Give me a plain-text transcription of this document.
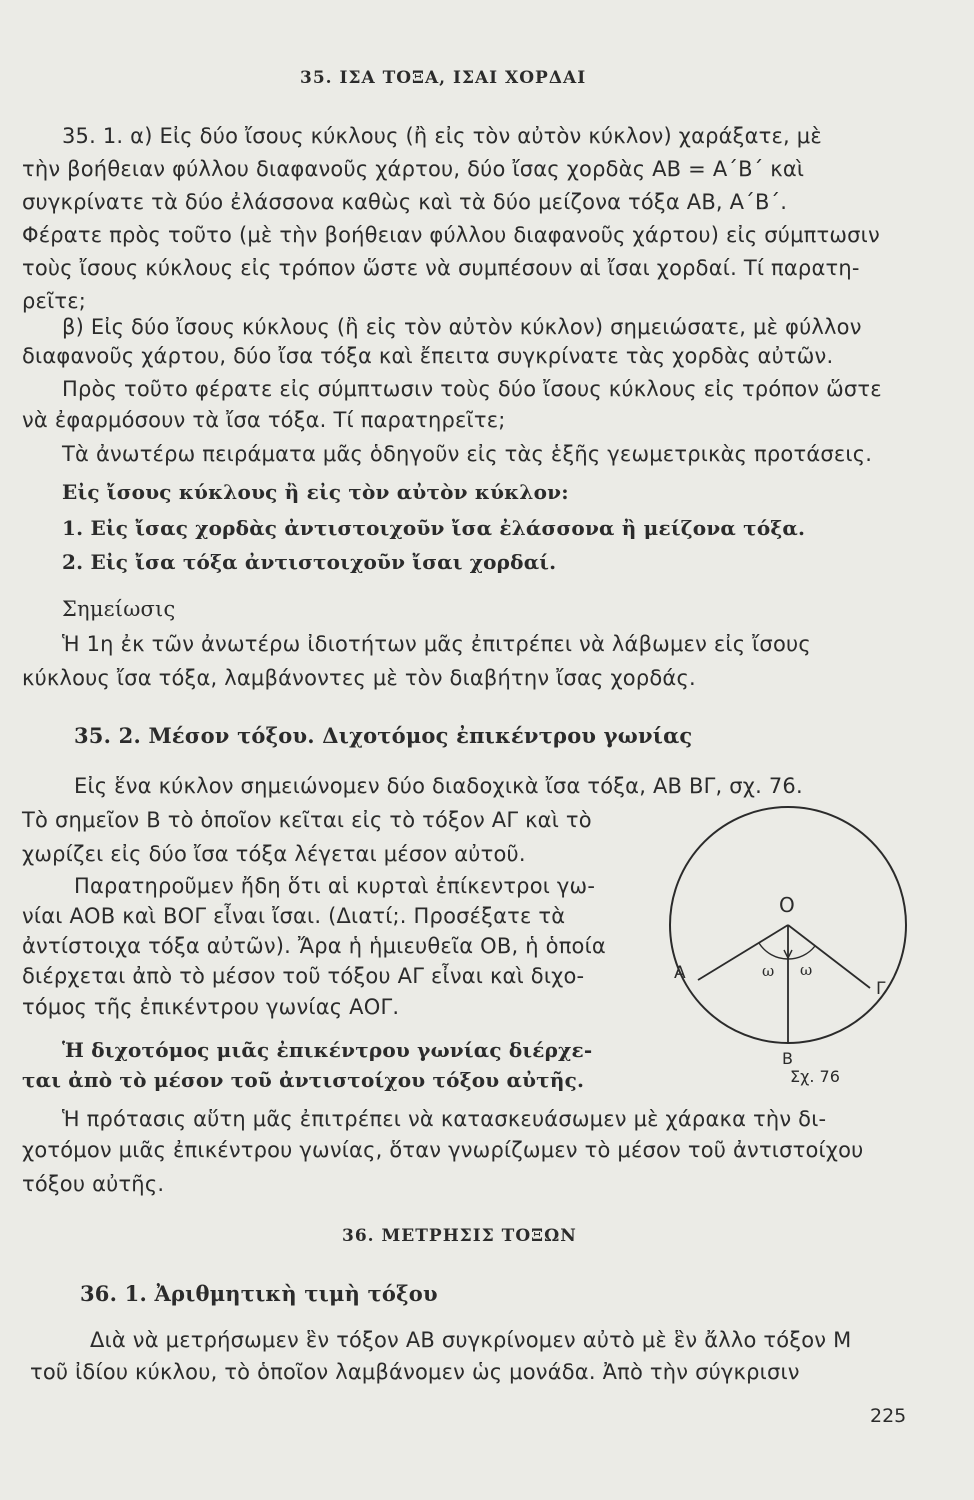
35. ΙΣΑ ΤΟΞΑ, ΙΣΑΙ ΧΟΡΔΑΙ
35. 1. α) Εἰς δύο ἴσους κύκλους (ἢ εἰς τὸν αὐτὸν κύκλον) χαράξατε, μὲ
τὴν βοήθειαν φύλλου διαφανοῦς χάρτου, δύο ἴσας χορδὰς ΑΒ = Α΄Β΄ καὶ
συγκρίνατε τὰ δύο ἐλάσσονα καθὼς καὶ τὰ δύο μείζονα τόξα ΑΒ, Α΄Β΄.
Φέρατε πρὸς τοῦτο (μὲ τὴν βοήθειαν φύλλου διαφανοῦς χάρτου) εἰς σύμπτωσιν
τοὺς ἴσους κύκλους εἰς τρόπον ὥστε νὰ συμπέσουν αἱ ἴσαι χορδαί. Τί παρατη-
ρεῖτε;
β) Εἰς δύο ἴσους κύκλους (ἢ εἰς τὸν αὐτὸν κύκλον) σημειώσατε, μὲ φύλλον
διαφανοῦς χάρτου, δύο ἴσα τόξα καὶ ἔπειτα συγκρίνατε τὰς χορδὰς αὐτῶν.
Πρὸς τοῦτο φέρατε εἰς σύμπτωσιν τοὺς δύο ἴσους κύκλους εἰς τρόπον ὥστε
νὰ ἐφαρμόσουν τὰ ἴσα τόξα. Τί παρατηρεῖτε;
Τὰ ἀνωτέρω πειράματα μᾶς ὁδηγοῦν εἰς τὰς ἑξῆς γεωμετρικὰς προτάσεις.
Εἰς ἴσους κύκλους ἢ εἰς τὸν αὐτὸν κύκλον:
1. Εἰς ἴσας χορδὰς ἀντιστοιχοῦν ἴσα ἐλάσσονα ἢ μείζονα τόξα.
2. Εἰς ἴσα τόξα ἀντιστοιχοῦν ἴσαι χορδαί.
Σημείωσις
Ἡ 1η ἐκ τῶν ἀνωτέρω ἰδιοτήτων μᾶς ἐπιτρέπει νὰ λάβωμεν εἰς ἴσους
κύκλους ἴσα τόξα, λαμβάνοντες μὲ τὸν διαβήτην ἴσας χορδάς.
35. 2. Μέσον τόξου. Διχοτόμος ἐπικέντρου γωνίας
Εἰς ἕνα κύκλον σημειώνομεν δύο διαδοχικὰ ἴσα τόξα, ΑΒ ΒΓ, σχ. 76.
Τὸ σημεῖον Β τὸ ὁποῖον κεῖται εἰς τὸ τόξον ΑΓ καὶ τὸ
χωρίζει εἰς δύο ἴσα τόξα λέγεται μέσον αὐτοῦ.
Παρατηροῦμεν ἤδη ὅτι αἱ κυρταὶ ἐπίκεντροι γω-
νίαι ΑΟΒ καὶ ΒΟΓ εἶναι ἴσαι. (Διατί;. Προσέξατε τὰ
ἀντίστοιχα τόξα αὐτῶν). Ἄρα ἡ ἡμιευθεῖα ΟΒ, ἡ ὁποία
διέρχεται ἀπὸ τὸ μέσον τοῦ τόξου ΑΓ εἶναι καὶ διχο-
τόμος τῆς ἐπικέντρου γωνίας ΑΟΓ.
Ἡ διχοτόμος μιᾶς ἐπικέντρου γωνίας διέρχε-
ται ἀπὸ τὸ μέσον τοῦ ἀντιστοίχου τόξου αὐτῆς.
Ἡ πρότασις αὕτη μᾶς ἐπιτρέπει νὰ κατασκευάσωμεν μὲ χάρακα τὴν δι-
χοτόμον μιᾶς ἐπικέντρου γωνίας, ὅταν γνωρίζωμεν τὸ μέσον τοῦ ἀντιστοίχου
τόξου αὐτῆς.
O
ω ω
Α
Β
Γ
Σχ. 76
36. ΜΕΤΡΗΣΙΣ ΤΟΞΩΝ
36. 1. Ἀριθμητικὴ τιμὴ τόξου
Διὰ νὰ μετρήσωμεν ἓν τόξον ΑΒ συγκρίνομεν αὐτὸ μὲ ἓν ἄλλο τόξον Μ
τοῦ ἰδίου κύκλου, τὸ ὁποῖον λαμβάνομεν ὡς μονάδα. Ἀπὸ τὴν σύγκρισιν
225
